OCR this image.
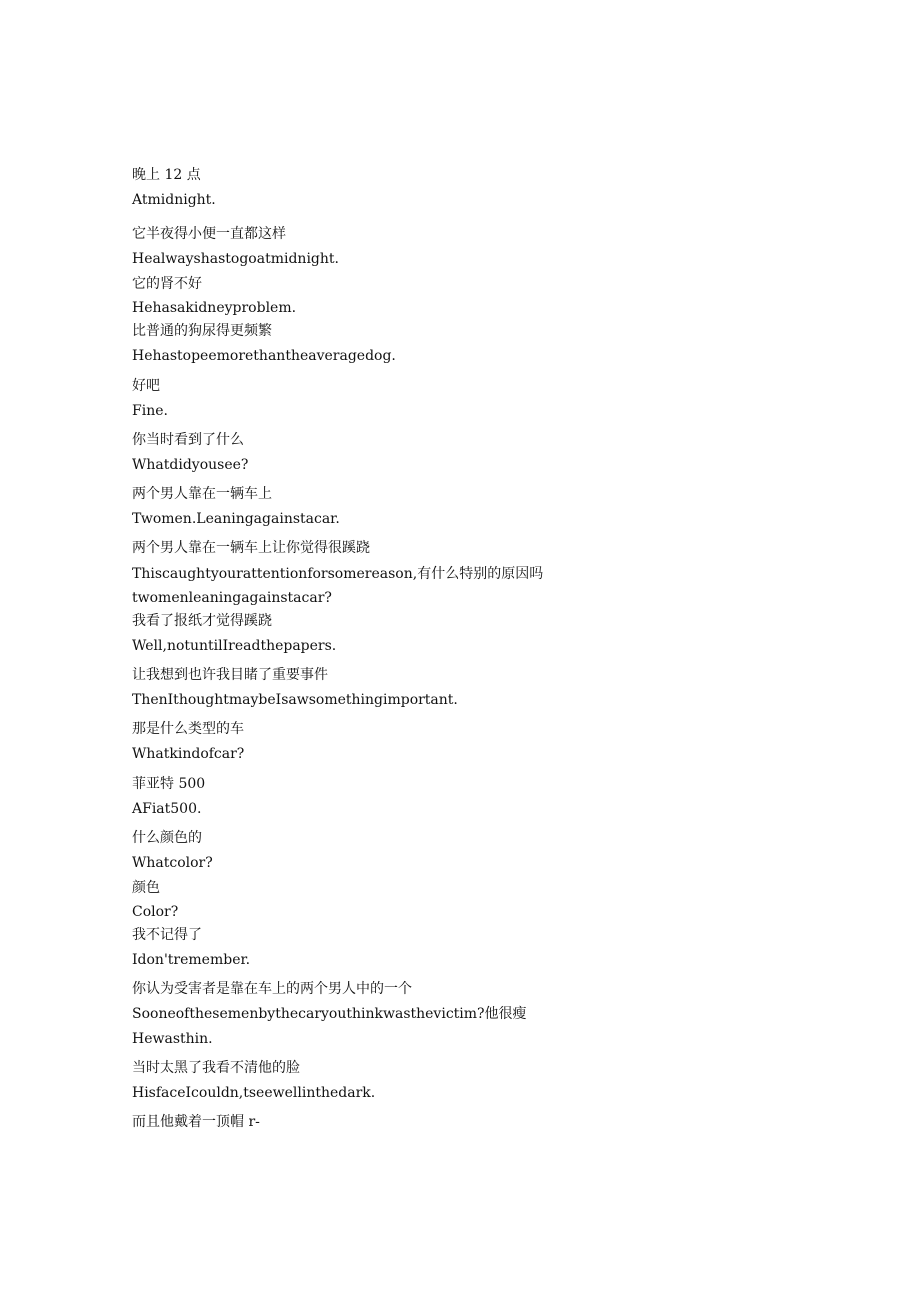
晚上 12 点
Atmidnight.
它半夜得小便一直都这样
Healwayshastogoatmidnight.
它的肾不好
Hehasakidneyproblem.
比普通的狗尿得更频繁
Hehastopeemorethantheaveragedog.
好吧
Fine.
你当时看到了什么
Whatdidyousee?
两个男人靠在一辆车上
Twomen.Leaningagainstacar.
两个男人靠在一辆车上让你觉得很蹊跷
Thiscaughtyourattentionforsomereason,有什么特别的原因吗
twomenleaningagainstacar?
我看了报纸才觉得蹊跷
Well,notuntilIreadthepapers.
让我想到也许我目睹了重要事件
ThenIthoughtmaybeIsawsomethingimportant.
那是什么类型的车
Whatkindofcar?
菲亚特 500
AFiat500.
什么颜色的
Whatcolor?
颜色
Color?
我不记得了
Idon'tremember.
你认为受害者是靠在车上的两个男人中的一个
Sooneofthesemenbythecaryouthinkwasthevictim?他很瘦
Hewasthin.
当时太黑了我看不清他的脸
HisfaceIcouldn,tseewellinthedark.
而且他戴着一顶帽 r-
